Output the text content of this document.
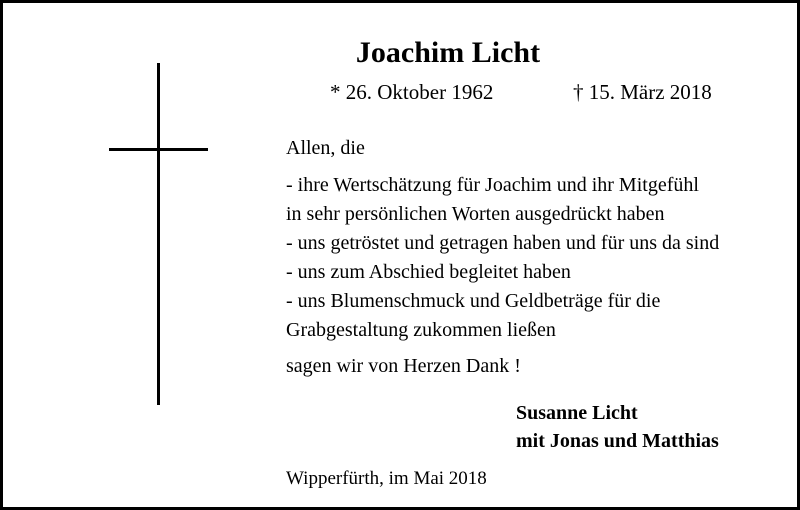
Joachim Licht
* 26. Oktober 1962	† 15. März 2018
Allen, die
- ihre Wertschätzung für Joachim und ihr Mitgefühl
in sehr persönlichen Worten ausgedrückt haben
- uns getröstet und getragen haben und für uns da sind
- uns zum Abschied begleitet haben
- uns Blumenschmuck und Geldbeträge für die
Grabgestaltung zukommen ließen
sagen wir von Herzen Dank !
Susanne Licht
mit Jonas und Matthias
Wipperfürth, im Mai 2018
